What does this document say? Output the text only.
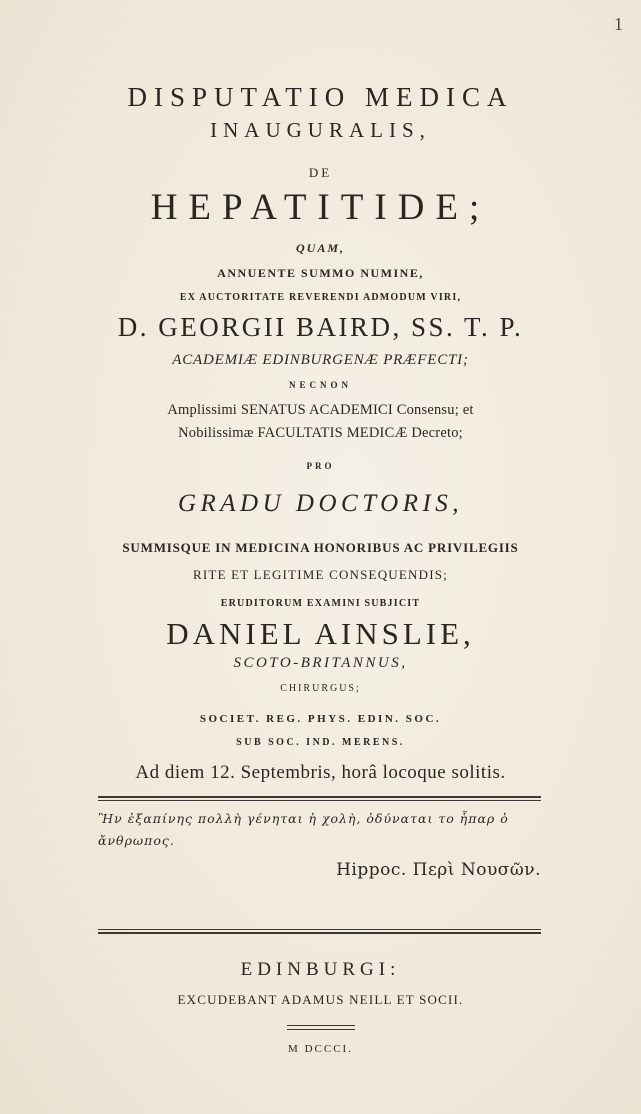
1
DISPUTATIO MEDICA
INAUGURALIS,
DE
HEPATITIDE;
QUAM,
ANNUENTE SUMMO NUMINE,
EX AUCTORITATE REVERENDI ADMODUM VIRI,
D. GEORGII BAIRD, SS. T. P.
ACADEMIÆ EDINBURGENÆ PRÆFECTI;
NECNON
Amplissimi SENATUS ACADEMICI Consensu; et
Nobilissimæ FACULTATIS MEDICÆ Decreto;
PRO
GRADU DOCTORIS,
SUMMISQUE IN MEDICINA HONORIBUS AC PRIVILEGIIS
RITE ET LEGITIME CONSEQUENDIS;
ERUDITORUM EXAMINI SUBJICIT
DANIEL AINSLIE,
SCOTO-BRITANNUS,
CHIRURGUS;
SOCIET. REG. PHYS. EDIN. SOC.
SUB SOC. IND. MERENS.
Ad diem 12. Septembris, horâ locoque solitis.
Ἢν ἐξαπίνης πολλὴ γένηται ἡ χολὴ, ὀδύναται το ἧπαρ ὁ ἄνθρωπος.
Hippoc. Περὶ Νουσῶν.
EDINBURGI:
EXCUDEBANT ADAMUS NEILL ET SOCII.
M DCCCI.
